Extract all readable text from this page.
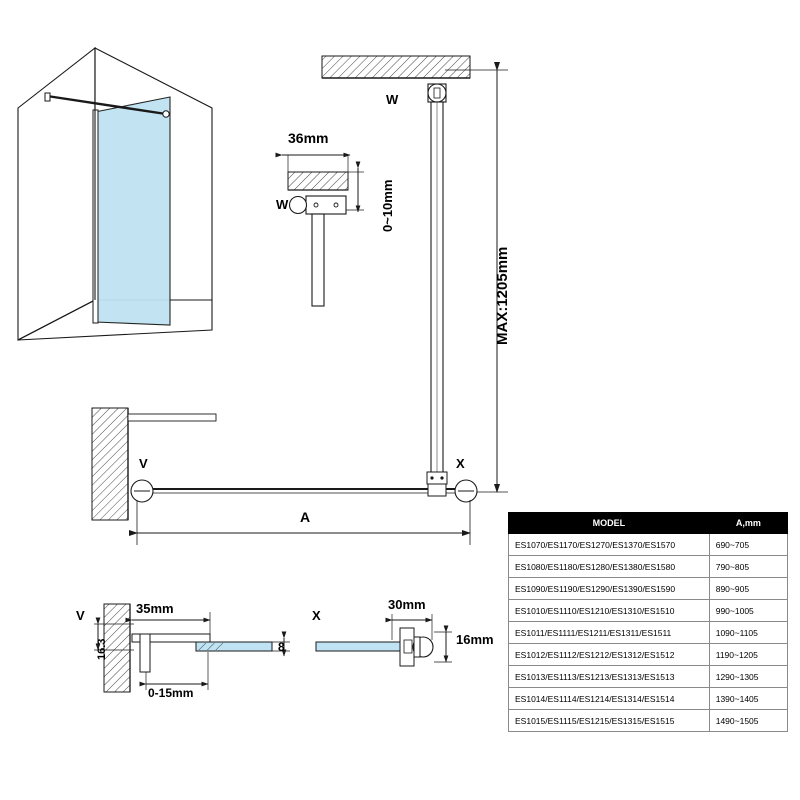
W
36mm
W	0~10mm
MAX:1205mm
V	X
A
V
16.3
35mm
0-15mm
8
X
30mm
16mm
MODEL	A,mm
ES1070/ES1170/ES1270/ES1370/ES1570	690~705
ES1080/ES1180/ES1280/ES1380/ES1580	790~805
ES1090/ES1190/ES1290/ES1390/ES1590	890~905
ES1010/ES1110/ES1210/ES1310/ES1510	990~1005
ES1011/ES1111/ES1211/ES1311/ES1511	1090~1105
ES1012/ES1112/ES1212/ES1312/ES1512	1190~1205
ES1013/ES1113/ES1213/ES1313/ES1513	1290~1305
ES1014/ES1114/ES1214/ES1314/ES1514	1390~1405
ES1015/ES1115/ES1215/ES1315/ES1515	1490~1505
